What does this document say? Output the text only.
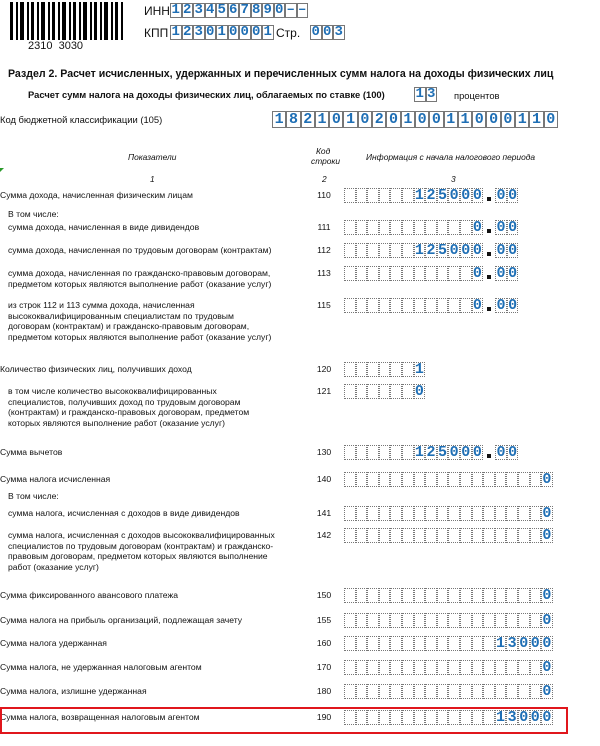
2310  3030
ИНН 1 2 3 4 5 6 7 8 9 0 – –
КПП 1 2 3 0 1 0 0 0 1 Стр. 0 0 3
Раздел 2. Расчет исчисленных, удержанных и перечисленных сумм налога на доходы физических лиц
Расчет сумм налога на доходы физических лиц, облагаемых по ставке (100) 1 3 процентов
Код бюджетной классификации (105)	1 8 2 1 0 1 0 2 0 1 0 0 1 1 0 0 0 1 1 0
Показатели
Код
строки	Информация с начала налогового периода
1	2	3
Сумма дохода, начисленная физическим лицам	110	1 2 5 0 0 0 0 0
В том числе:
сумма дохода, начисленная в виде дивидендов	111	0 0 0
сумма дохода, начисленная по трудовым договорам (контрактам)	112	1 2 5 0 0 0 0 0
сумма дохода, начисленная по гражданско-правовым договорам,
предметом которых являются выполнение работ (оказание услуг)
113	0 0 0
из строк 112 и 113 сумма дохода, начисленная
высококвалифицированным специалистам по трудовым
договорам (контрактам) и гражданско-правовым договорам,
предметом которых являются выполнение работ (оказание услуг)
115	0 0 0
Количество физических лиц, получивших доход	120	1
в том числе количество высококвалифицированных
специалистов, получивших доход по трудовым договорам
(контрактам) и гражданско-правовых договорам, предметом
которых являются выполнение работ (оказание услуг)
121	0
Сумма вычетов	130	1 2 5 0 0 0 0 0
Сумма налога исчисленная	140	0
В том числе:
сумма налога, исчисленная с доходов в виде дивидендов	141	0
сумма налога, исчисленная с доходов высококвалифицированных
специалистов по трудовым договорам (контрактам) и гражданско-
правовым договорам, предметом которых являются выполнение
работ (оказание услуг)
142	0
Сумма фиксированного авансового платежа	150	0
Сумма налога на прибыль организаций, подлежащая зачету	155	0
Сумма налога удержанная	160	1 3 0 0 0
Сумма налога, не удержанная налоговым агентом	170	0
Сумма налога, излишне удержанная	180	0
Сумма налога, возвращенная налоговым агентом	190	1 3 0 0 0
